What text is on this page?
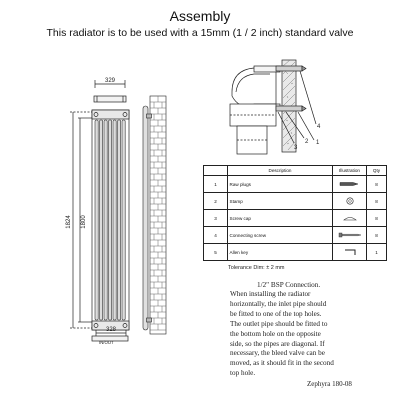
Assembly
This radiator is to be used with a 15mm (1 / 2 inch) standard valve
329
328
IN/OUT
1824 1800
4
1
2
3
	Description	Illustration	Qty
1	Raw plugs		8
2	Stamp		8
3	Screw cap		8
4	Connecting screw		8
5	Allen key		1
Tolerance Dim: ± 2 mm
1/2" BSP Connection.
When installing the radiator horizontally, the inlet pipe should be fitted to one of the top holes. The outlet pipe should be fitted to the bottom hole on the opposite side, so the pipes are diagonal. If necessary, the bleed valve can be moved, as it should fit in the second top hole.
Zephyra 180-08
